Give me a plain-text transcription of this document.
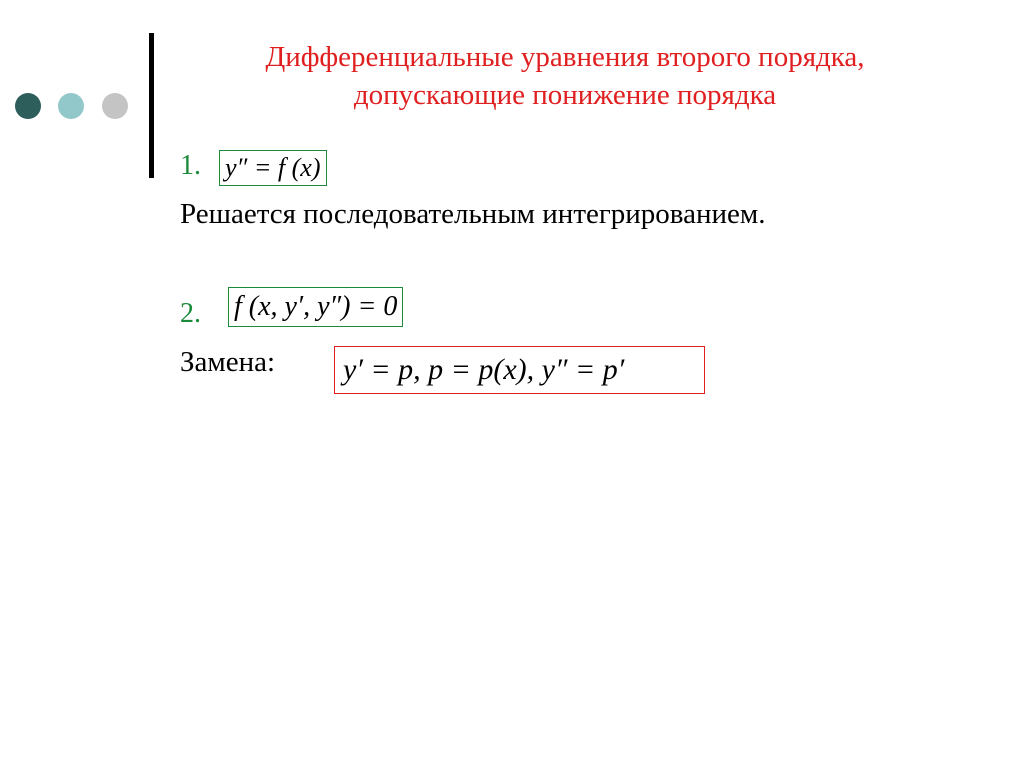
Дифференциальные уравнения второго порядка,
допускающие понижение порядка
1. y″ = f (x)
Решается последовательным интегрированием.
2. f (x, y′, y″) = 0
Замена:	y′ = p, p = p(x), y″ = p′
